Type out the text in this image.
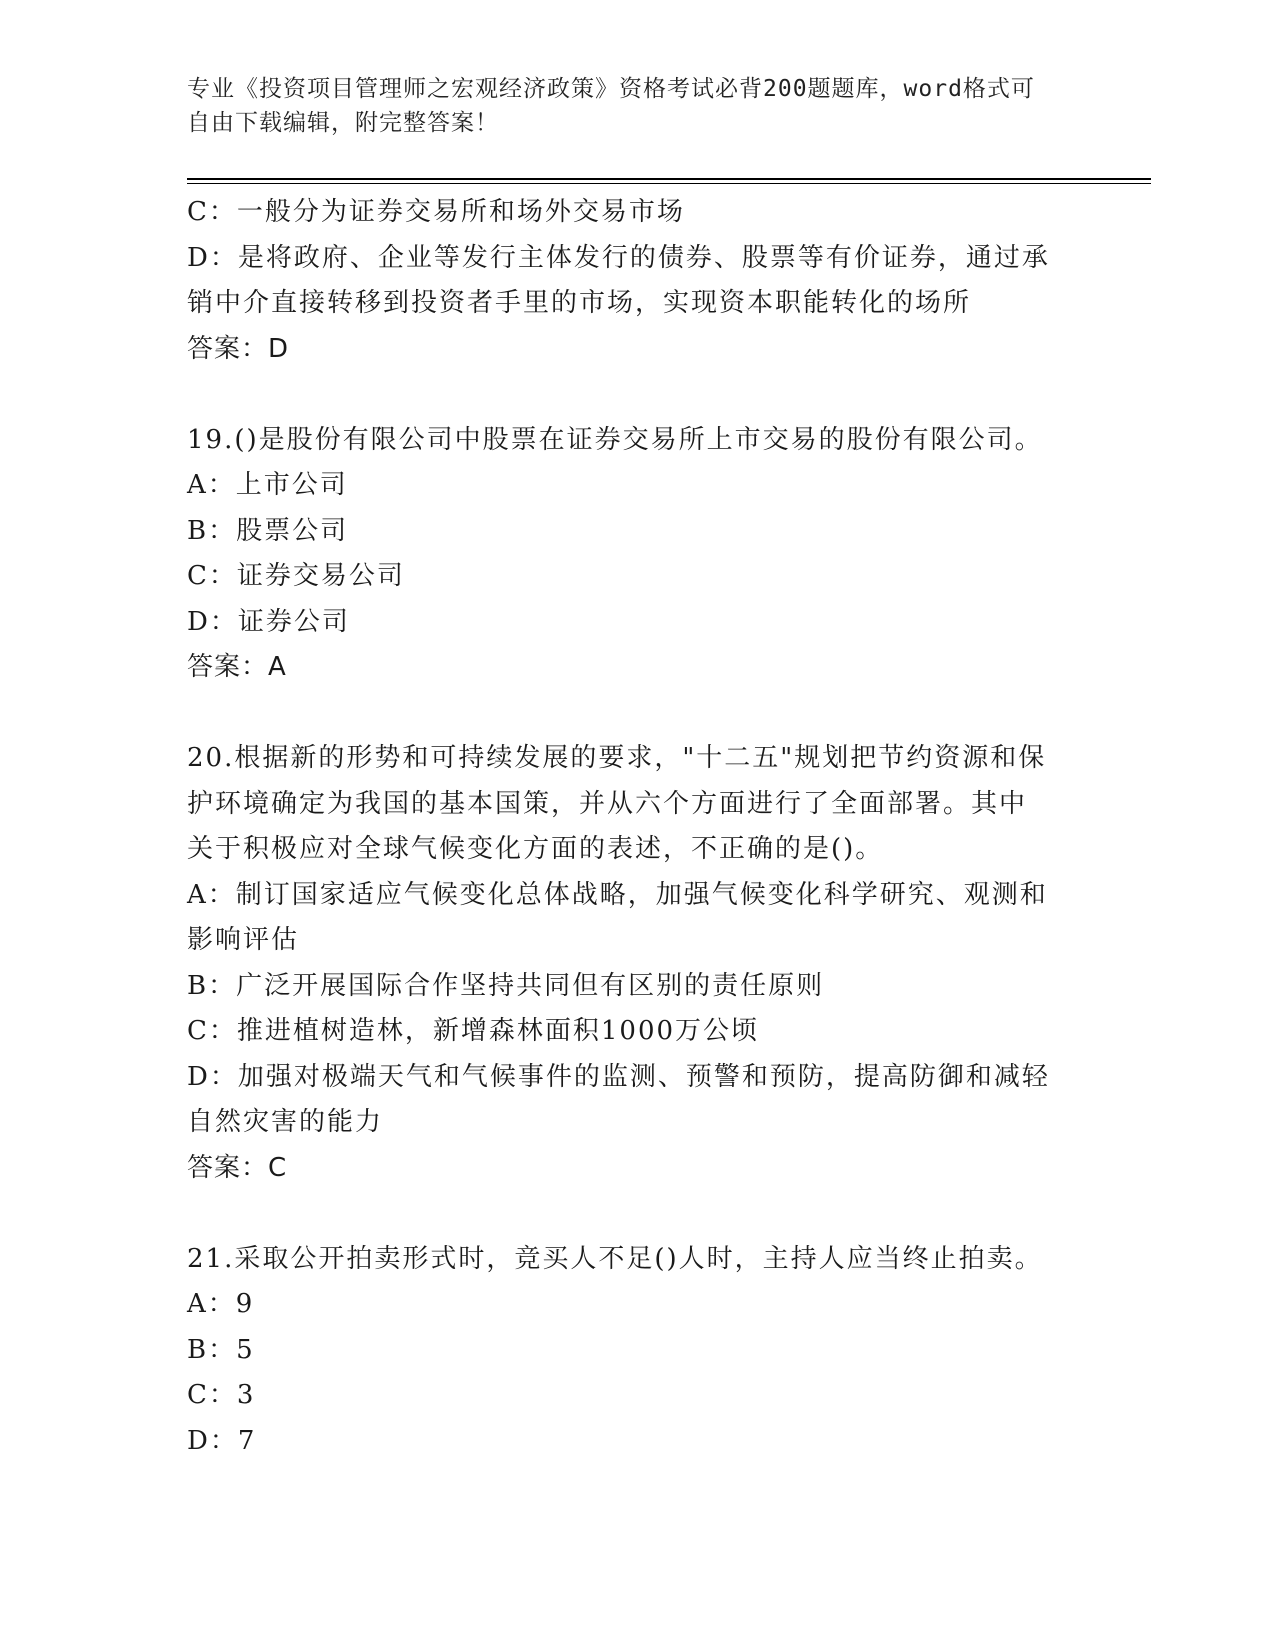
专业《投资项目管理师之宏观经济政策》资格考试必背200题题库，word格式可
自由下载编辑，附完整答案！
C：一般分为证券交易所和场外交易市场
D：是将政府、企业等发行主体发行的债券、股票等有价证券，通过承
销中介直接转移到投资者手里的市场，实现资本职能转化的场所
答案：D
19.()是股份有限公司中股票在证券交易所上市交易的股份有限公司。
A：上市公司
B：股票公司
C：证券交易公司
D：证券公司
答案：A
20.根据新的形势和可持续发展的要求，"十二五"规划把节约资源和保
护环境确定为我国的基本国策，并从六个方面进行了全面部署。其中
关于积极应对全球气候变化方面的表述，不正确的是()。
A：制订国家适应气候变化总体战略，加强气候变化科学研究、观测和
影响评估
B：广泛开展国际合作坚持共同但有区别的责任原则
C：推进植树造林，新增森林面积1000万公顷
D：加强对极端天气和气候事件的监测、预警和预防，提高防御和减轻
自然灾害的能力
答案：C
21.采取公开拍卖形式时，竞买人不足()人时，主持人应当终止拍卖。
A：9
B：5
C：3
D：7
